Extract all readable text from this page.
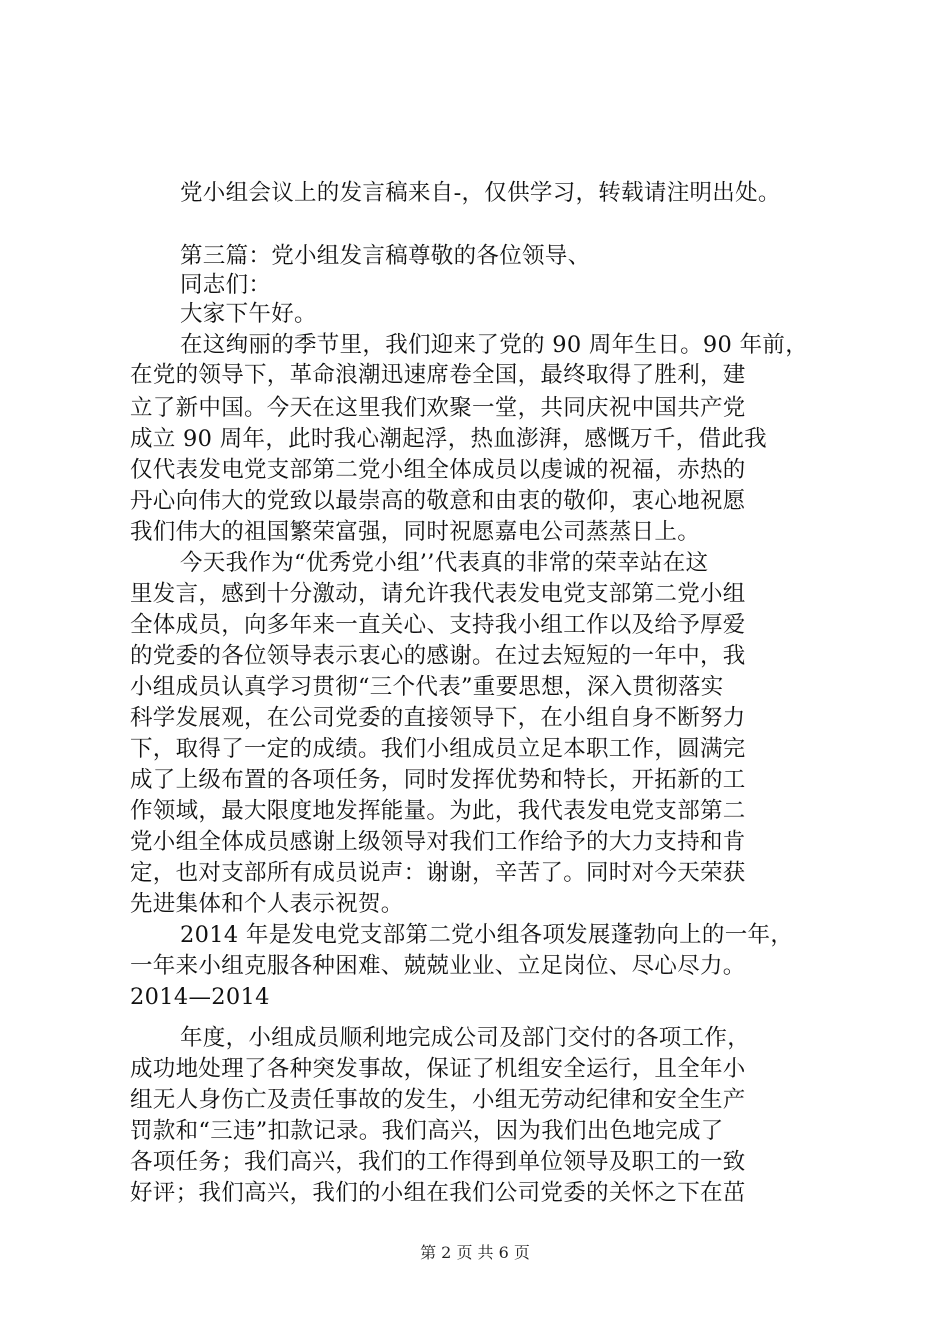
党小组会议上的发言稿来自-，仅供学习，转载请注明出处。
第三篇：党小组发言稿尊敬的各位领导、
同志们：
大家下午好。
在这绚丽的季节里，我们迎来了党的 90 周年生日。90 年前，
在党的领导下，革命浪潮迅速席卷全国，最终取得了胜利，建
立了新中国。今天在这里我们欢聚一堂，共同庆祝中国共产党
成立 90 周年，此时我心潮起浮，热血澎湃，感慨万千，借此我
仅代表发电党支部第二党小组全体成员以虔诚的祝福，赤热的
丹心向伟大的党致以最崇高的敬意和由衷的敬仰，衷心地祝愿
我们伟大的祖国繁荣富强，同时祝愿嘉电公司蒸蒸日上。
今天我作为“优秀党小组’’代表真的非常的荣幸站在这
里发言，感到十分激动，请允许我代表发电党支部第二党小组
全体成员，向多年来一直关心、支持我小组工作以及给予厚爱
的党委的各位领导表示衷心的感谢。在过去短短的一年中，我
小组成员认真学习贯彻“三个代表”重要思想，深入贯彻落实
科学发展观，在公司党委的直接领导下，在小组自身不断努力
下，取得了一定的成绩。我们小组成员立足本职工作，圆满完
成了上级布置的各项任务，同时发挥优势和特长，开拓新的工
作领域，最大限度地发挥能量。为此，我代表发电党支部第二
党小组全体成员感谢上级领导对我们工作给予的大力支持和肯
定，也对支部所有成员说声：谢谢，辛苦了。同时对今天荣获
先进集体和个人表示祝贺。
2014 年是发电党支部第二党小组各项发展蓬勃向上的一年，
一年来小组克服各种困难、兢兢业业、立足岗位、尽心尽力。
2014—2014
年度，小组成员顺利地完成公司及部门交付的各项工作，
成功地处理了各种突发事故，保证了机组安全运行，且全年小
组无人身伤亡及责任事故的发生，小组无劳动纪律和安全生产
罚款和“三违”扣款记录。我们高兴，因为我们出色地完成了
各项任务；我们高兴，我们的工作得到单位领导及职工的一致
好评；我们高兴，我们的小组在我们公司党委的关怀之下在茁
第 2 页 共 6 页
